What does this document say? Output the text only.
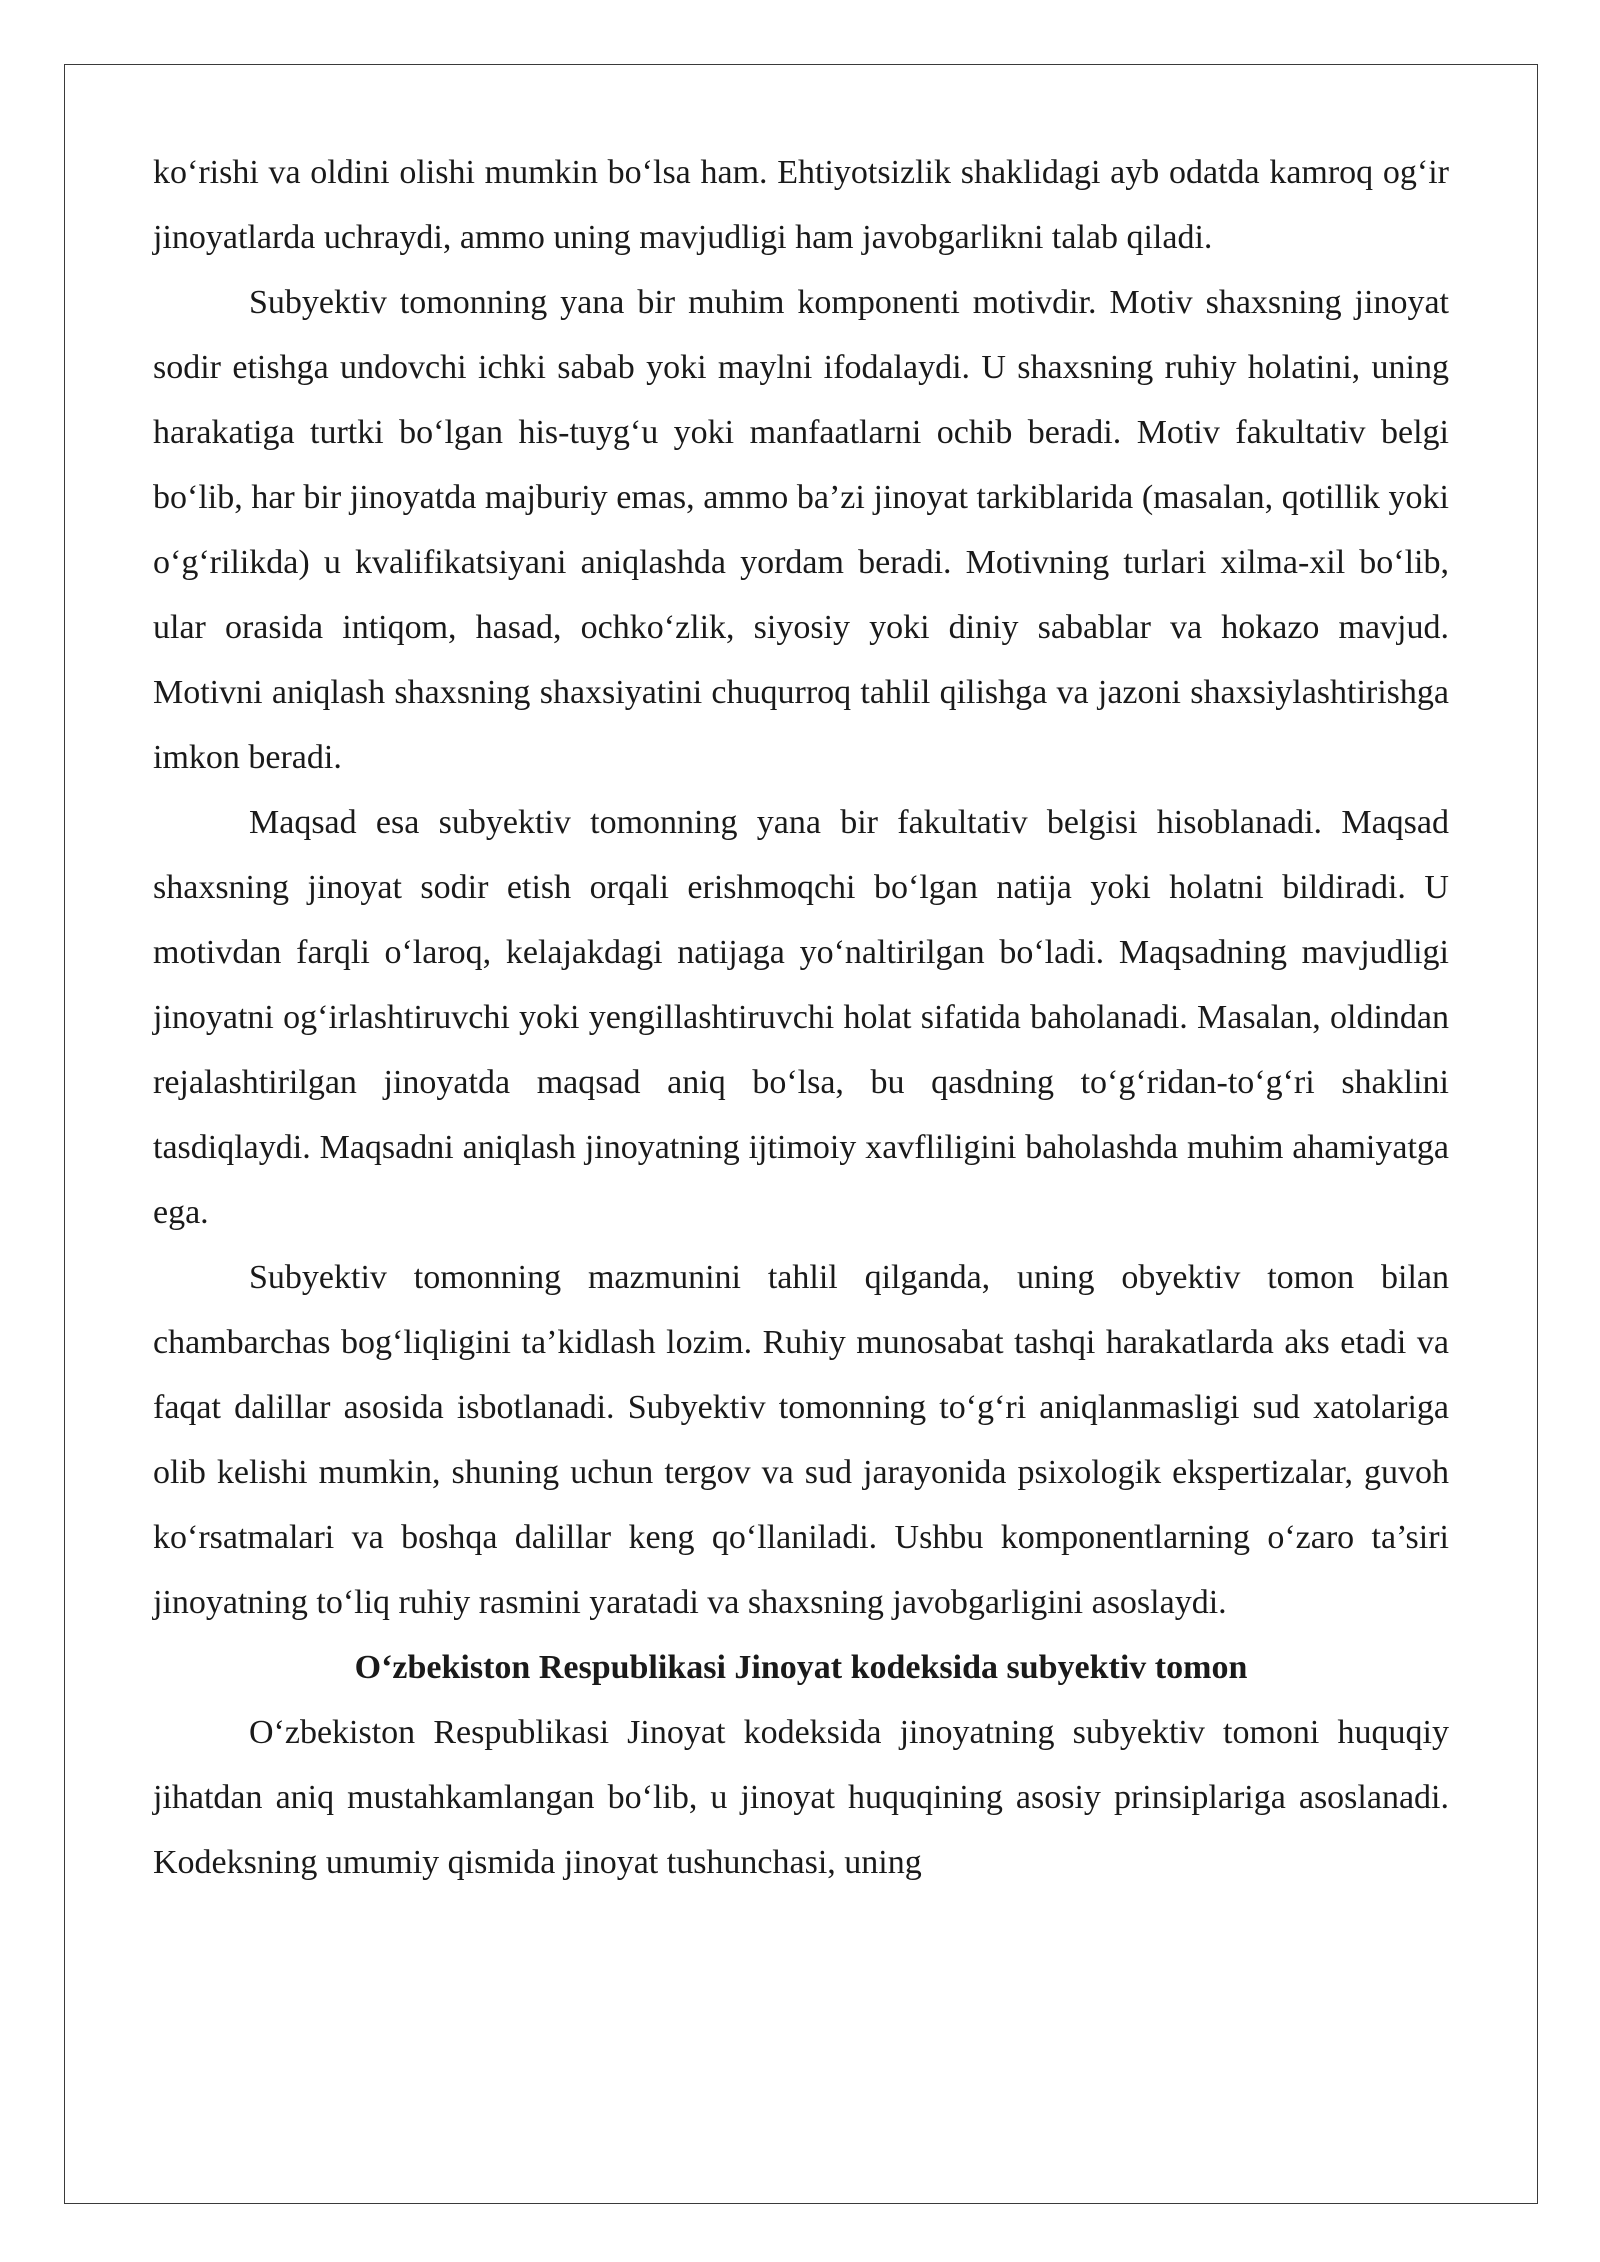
ko‘rishi va oldini olishi mumkin bo‘lsa ham. Ehtiyotsizlik shaklidagi ayb odatda kamroq og‘ir jinoyatlarda uchraydi, ammo uning mavjudligi ham javobgarlikni talab qiladi.

Subyektiv tomonning yana bir muhim komponenti motivdir. Motiv shaxsning jinoyat sodir etishga undovchi ichki sabab yoki maylni ifodalaydi. U shaxsning ruhiy holatini, uning harakatiga turtki bo‘lgan his-tuyg‘u yoki manfaatlarni ochib beradi. Motiv fakultativ belgi bo‘lib, har bir jinoyatda majburiy emas, ammo ba’zi jinoyat tarkiblarida (masalan, qotillik yoki o‘g‘rilikda) u kvalifikatsiyani aniqlashda yordam beradi. Motivning turlari xilma-xil bo‘lib, ular orasida intiqom, hasad, ochko‘zlik, siyosiy yoki diniy sabablar va hokazo mavjud. Motivni aniqlash shaxsning shaxsiyatini chuqurroq tahlil qilishga va jazoni shaxsiylashtirishga imkon beradi.

Maqsad esa subyektiv tomonning yana bir fakultativ belgisi hisoblanadi. Maqsad shaxsning jinoyat sodir etish orqali erishmoqchi bo‘lgan natija yoki holatni bildiradi. U motivdan farqli o‘laroq, kelajakdagi natijaga yo‘naltirilgan bo‘ladi. Maqsadning mavjudligi jinoyatni og‘irlashtiruvchi yoki yengillashtiruvchi holat sifatida baholanadi. Masalan, oldindan rejalashtirilgan jinoyatda maqsad aniq bo‘lsa, bu qasdning to‘g‘ridan-to‘g‘ri shaklini tasdiqlaydi. Maqsadni aniqlash jinoyatning ijtimoiy xavfliligini baholashda muhim ahamiyatga ega.

Subyektiv tomonning mazmunini tahlil qilganda, uning obyektiv tomon bilan chambarchas bog‘liqligini ta’kidlash lozim. Ruhiy munosabat tashqi harakatlarda aks etadi va faqat dalillar asosida isbotlanadi. Subyektiv tomonning to‘g‘ri aniqlanmasligi sud xatolariga olib kelishi mumkin, shuning uchun tergov va sud jarayonida psixologik ekspertizalar, guvoh ko‘rsatmalari va boshqa dalillar keng qo‘llaniladi. Ushbu komponentlarning o‘zaro ta’siri jinoyatning to‘liq ruhiy rasmini yaratadi va shaxsning javobgarligini asoslaydi.

O‘zbekiston Respublikasi Jinoyat kodeksida subyektiv tomon

O‘zbekiston Respublikasi Jinoyat kodeksida jinoyatning subyektiv tomoni huquqiy jihatdan aniq mustahkamlangan bo‘lib, u jinoyat huquqining asosiy prinsiplariga asoslanadi. Kodeksning umumiy qismida jinoyat tushunchasi, uning
